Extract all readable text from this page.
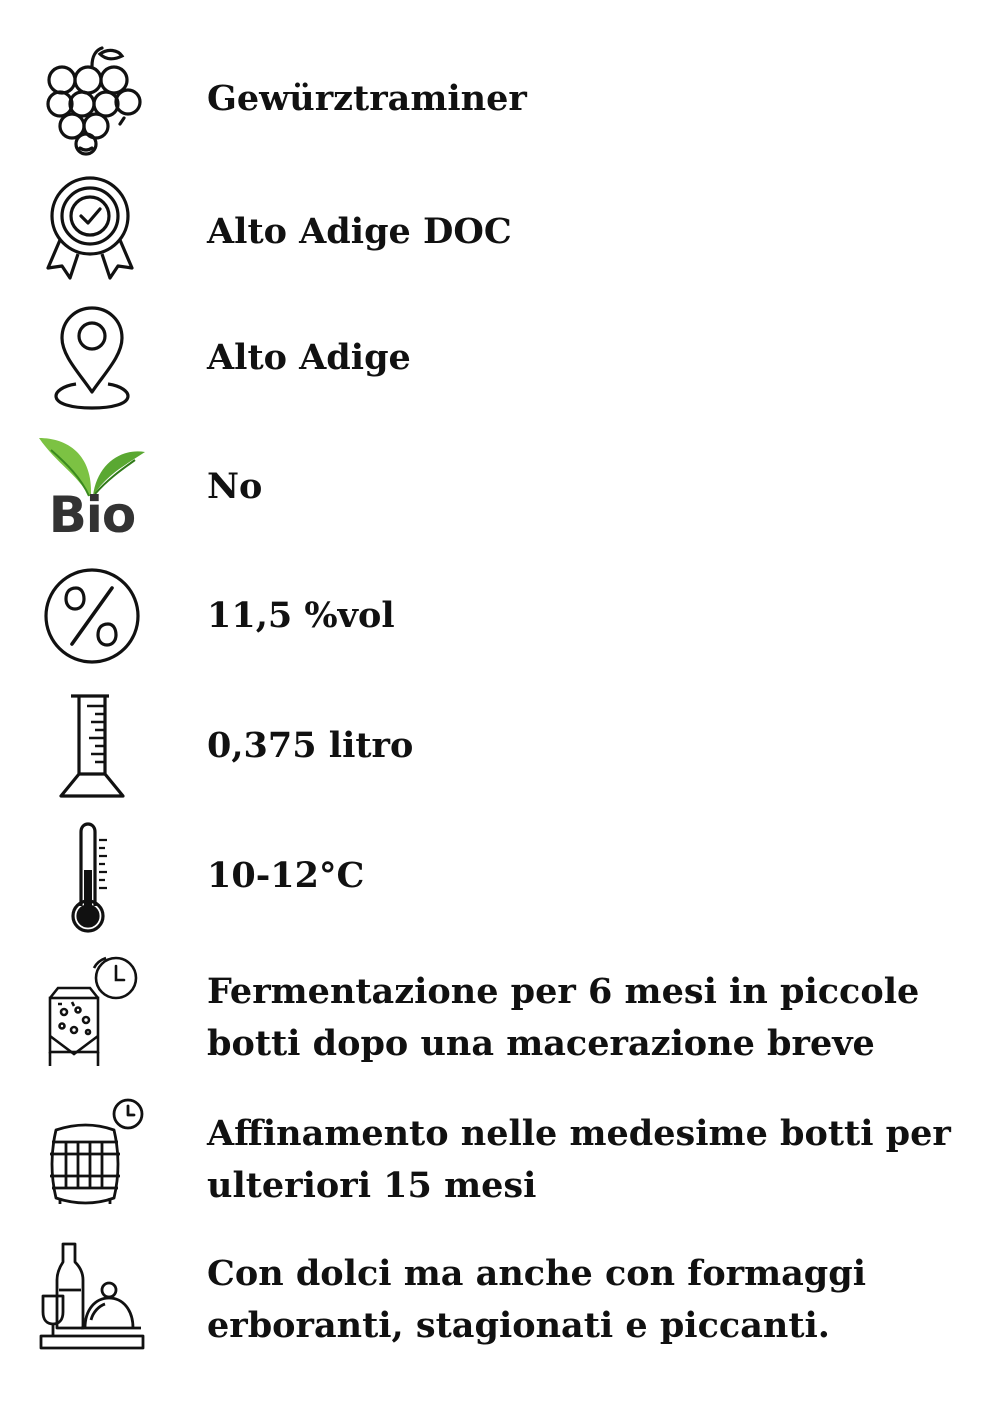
Gewürztraminer
Alto Adige DOC
Alto Adige
Bio No
11,5 %vol
0,375 litro
10-12°C
Fermentazione per 6 mesi in piccole
botti dopo una macerazione breve
Affinamento nelle medesime botti per
ulteriori 15 mesi
Con dolci ma anche con formaggi
erboranti, stagionati e piccanti.
